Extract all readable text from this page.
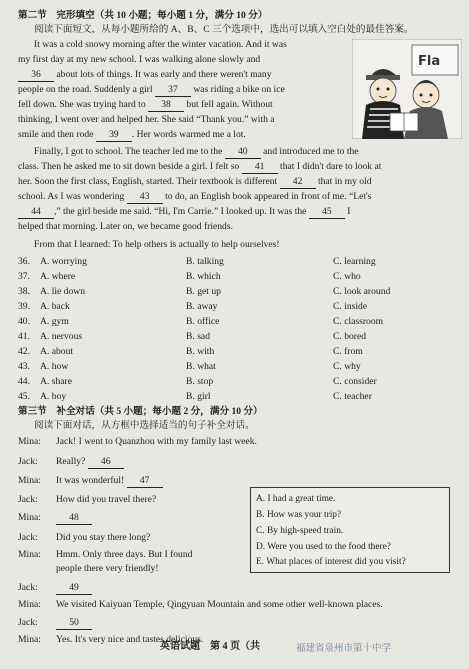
第二节　完形填空（共 10 小题；每小题 1 分，满分 10 分）
阅读下面短文，从每小题所给的 A、B、C 三个选项中，选出可以填入空白处的最佳答案。
It was a cold snowy morning after the winter vacation. And it was
my first day at my new school. I was walking alone slowly and
36 about lots of things. It was early and there weren't many
people on the road. Suddenly a girl 37 was riding a bike on ice
fell down. She was trying hard to 38 but fell again. Without
thinking, I went over and helped her. She said “Thank you.” with a
smile and then rode 39 . Her words warmed me a lot.
Finally, I got to school. The teacher led me to the 40 and introduced me to the
class. Then he asked me to sit down beside a girl. I felt so 41 that I didn't dare to look at
her. Soon the first class, English, started. Their textbook is different 42 that in my old
school. As I was wondering 43 to do, an English book appeared in front of me. “Let's
44 ,” the girl beside me said. “Hi, I'm Carrie.” I looked up. It was the 45 I
helped that morning. Later on, we became good friends.
From that I learned: To help others is actually to help ourselves!
Fla
36. A. worrying	B. talking	C. learning
37. A. where	B. which	C. who
38. A. lie down	B. get up	C. look around
39. A. back	B. away	C. inside
40. A. gym	B. office	C. classroom
41. A. nervous	B. sad	C. bored
42. A. about	B. with	C. from
43. A. how	B. what	C. why
44. A. share	B. stop	C. consider
45. A. boy	B. girl	C. teacher
第三节　补全对话（共 5 小题；每小题 2 分，满分 10 分）
阅读下面对话，从方框中选择适当的句子补全对话。
Mina: Jack! I went to Quanzhou with my family last week.
Jack: Really? 46
Mina: It was wonderful! 47
Jack: How did you travel there?
Mina:	48
Jack: Did you stay there long?
Mina: Hmm. Only three days. But I found
people there very friendly!
Jack:	49
Mina: We visited Kaiyuan Temple, Qingyuan Mountain and some other well-known places.
Jack:	50
Mina: Yes. It's very nice and tastes delicious.
A. I had a great time.
B. How was your trip?
C. By high-speed train.
D. Were you used to the food there?
E. What places of interest did you visit?
英语试题　第 4 页（共	福建省泉州市第十中学
